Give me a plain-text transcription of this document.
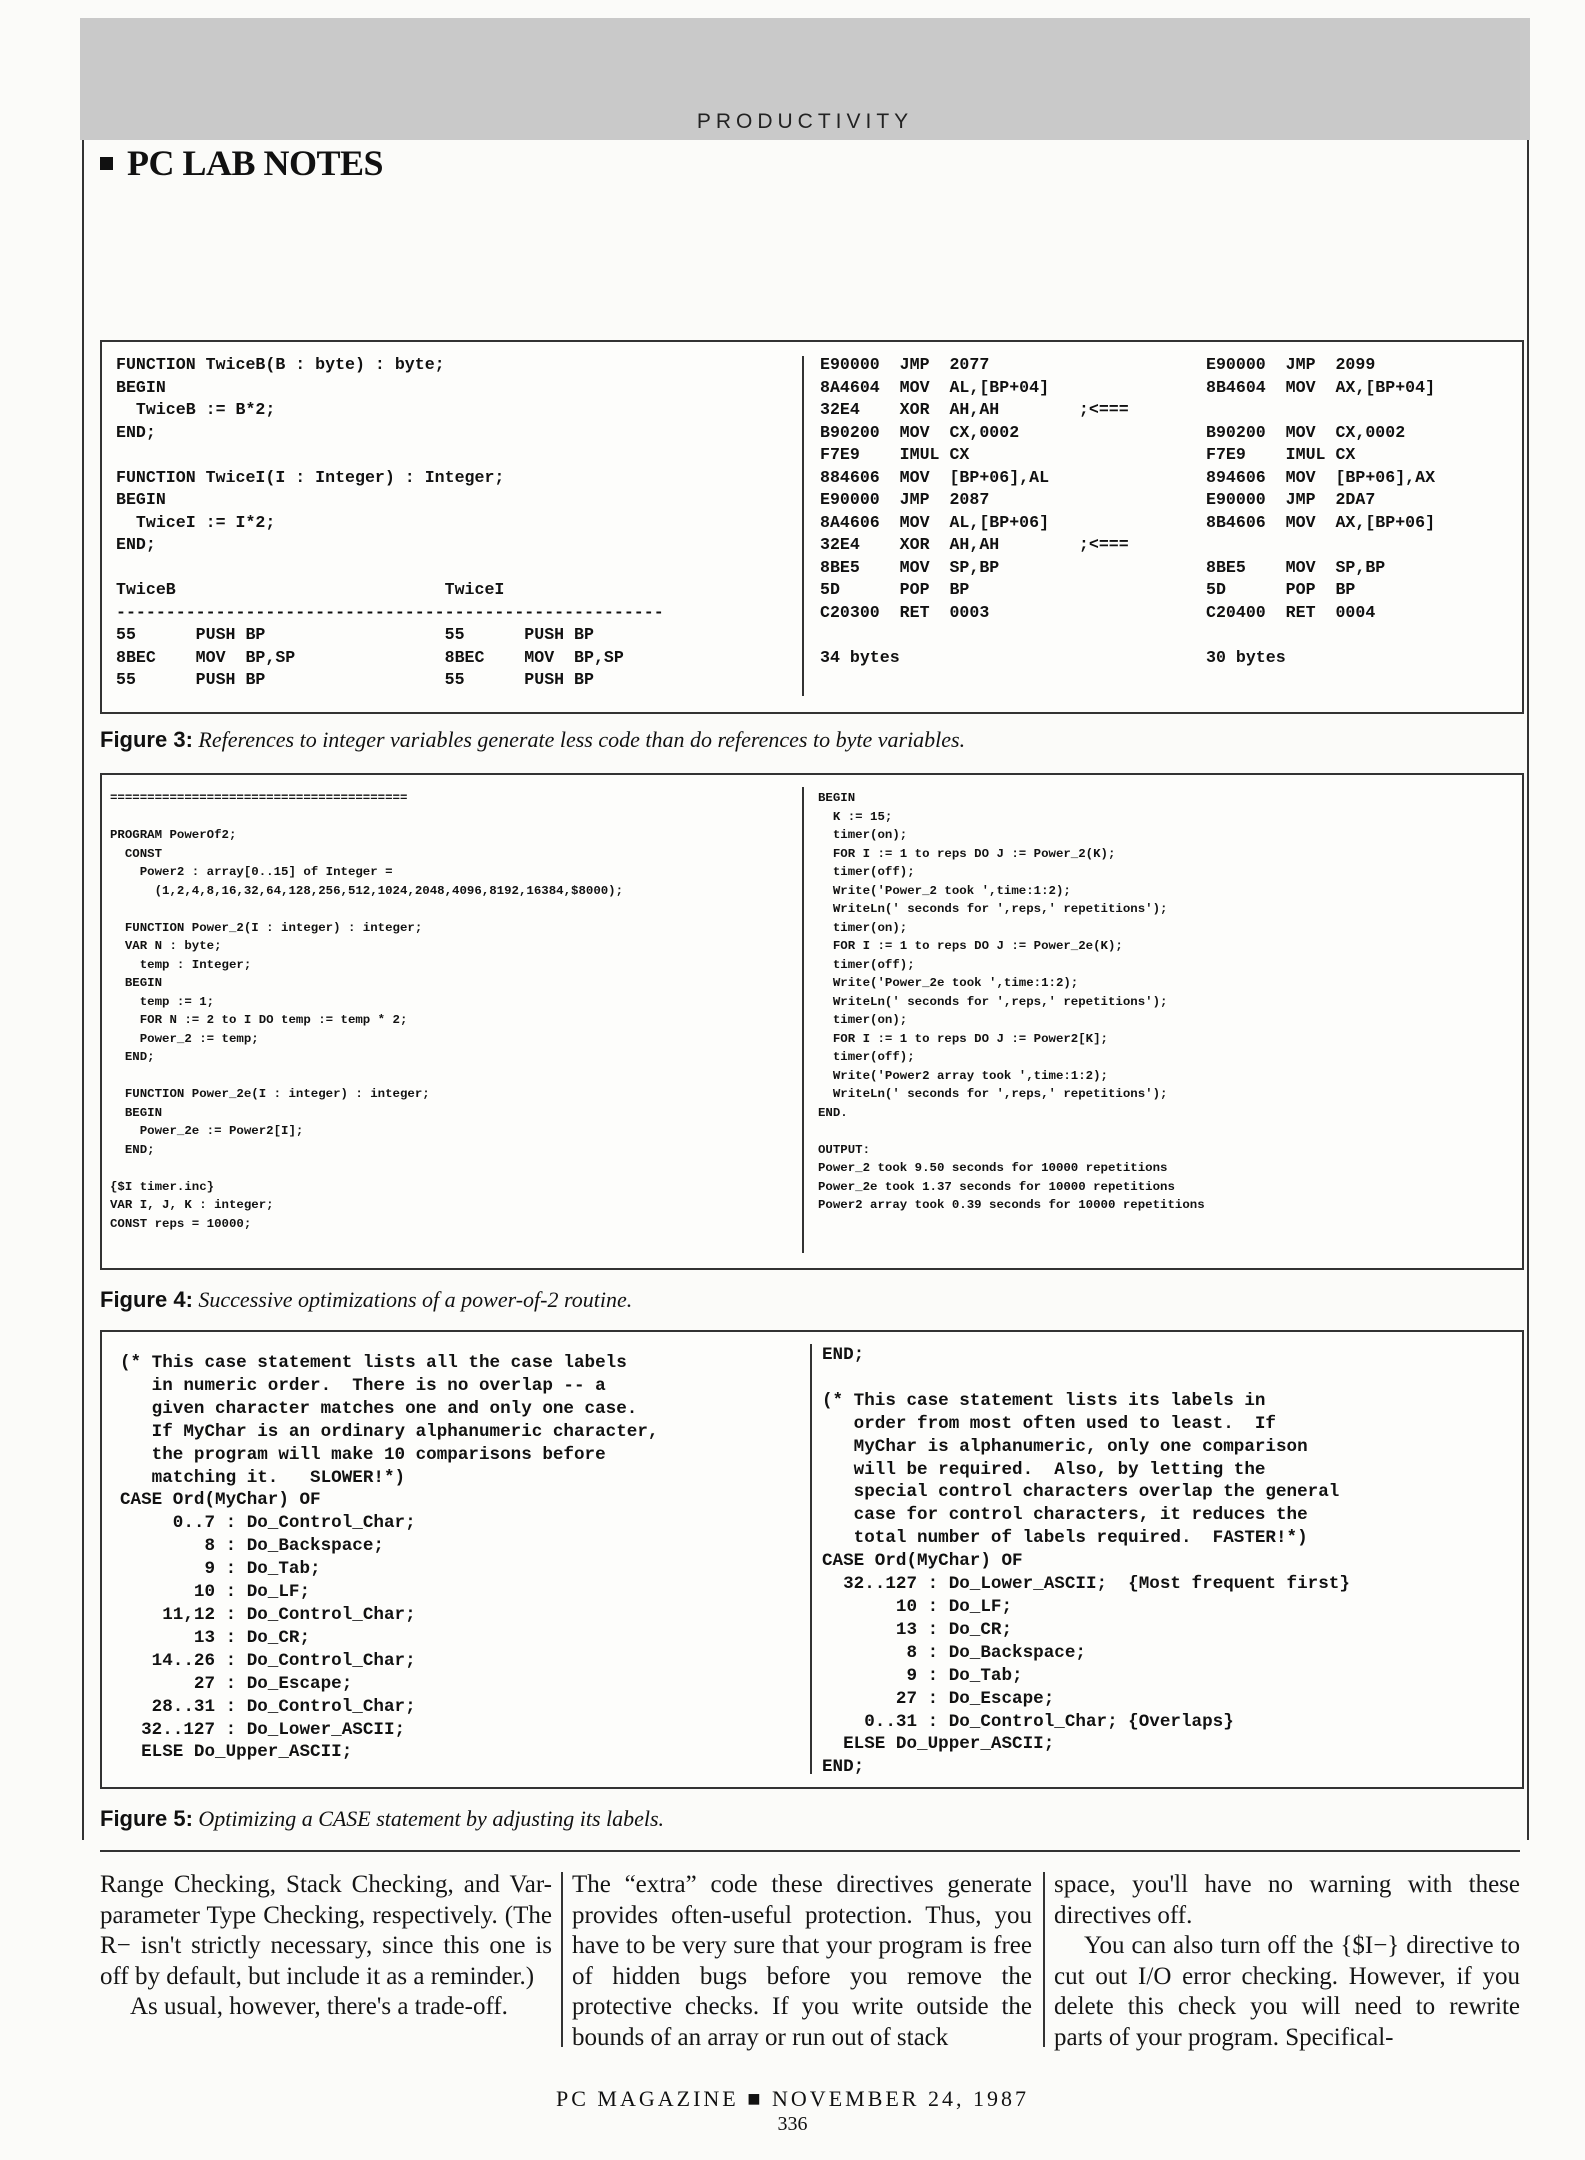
PRODUCTIVITY
PC LAB NOTES
FUNCTION TwiceB(B : byte) : byte;
BEGIN
TwiceB := B*2;
END;

FUNCTION TwiceI(I : Integer) : Integer;
BEGIN
TwiceI := I*2;
END;

TwiceB                           TwiceI
-------------------------------------------------------
55      PUSH BP                  55      PUSH BP
8BEC    MOV  BP,SP               8BEC    MOV  BP,SP
55      PUSH BP                  55      PUSH BP
E90000  JMP  2077
8A4604  MOV  AL,[BP+04]
32E4    XOR  AH,AH        ;<===
B90200  MOV  CX,0002
F7E9    IMUL CX
884606  MOV  [BP+06],AL
E90000  JMP  2087
8A4606  MOV  AL,[BP+06]
32E4    XOR  AH,AH        ;<===
8BE5    MOV  SP,BP
5D      POP  BP
C20300  RET  0003

34 bytes
E90000  JMP  2099
8B4604  MOV  AX,[BP+04]

B90200  MOV  CX,0002
F7E9    IMUL CX
894606  MOV  [BP+06],AX
E90000  JMP  2DA7
8B4606  MOV  AX,[BP+06]

8BE5    MOV  SP,BP
5D      POP  BP
C20400  RET  0004

30 bytes
Figure 3: References to integer variables generate less code than do references to byte variables.
========================================

PROGRAM PowerOf2;
CONST
Power2 : array[0..15] of Integer =
(1,2,4,8,16,32,64,128,256,512,1024,2048,4096,8192,16384,$8000);

FUNCTION Power_2(I : integer) : integer;
VAR N : byte;
temp : Integer;
BEGIN
temp := 1;
FOR N := 2 to I DO temp := temp * 2;
Power_2 := temp;
END;

FUNCTION Power_2e(I : integer) : integer;
BEGIN
Power_2e := Power2[I];
END;

{$I timer.inc}
VAR I, J, K : integer;
CONST reps = 10000;
BEGIN
K := 15;
timer(on);
FOR I := 1 to reps DO J := Power_2(K);
timer(off);
Write('Power_2 took ',time:1:2);
WriteLn(' seconds for ',reps,' repetitions');
timer(on);
FOR I := 1 to reps DO J := Power_2e(K);
timer(off);
Write('Power_2e took ',time:1:2);
WriteLn(' seconds for ',reps,' repetitions');
timer(on);
FOR I := 1 to reps DO J := Power2[K];
timer(off);
Write('Power2 array took ',time:1:2);
WriteLn(' seconds for ',reps,' repetitions');
END.

OUTPUT:
Power_2 took 9.50 seconds for 10000 repetitions
Power_2e took 1.37 seconds for 10000 repetitions
Power2 array took 0.39 seconds for 10000 repetitions
Figure 4: Successive optimizations of a power-of-2 routine.
(* This case statement lists all the case labels
in numeric order.  There is no overlap -- a
given character matches one and only one case.
If MyChar is an ordinary alphanumeric character,
the program will make 10 comparisons before
matching it.   SLOWER!*)
CASE Ord(MyChar) OF
0..7 : Do_Control_Char;
8 : Do_Backspace;
9 : Do_Tab;
10 : Do_LF;
11,12 : Do_Control_Char;
13 : Do_CR;
14..26 : Do_Control_Char;
27 : Do_Escape;
28..31 : Do_Control_Char;
32..127 : Do_Lower_ASCII;
ELSE Do_Upper_ASCII;
END;

(* This case statement lists its labels in
order from most often used to least.  If
MyChar is alphanumeric, only one comparison
will be required.  Also, by letting the
special control characters overlap the general
case for control characters, it reduces the
total number of labels required.  FASTER!*)
CASE Ord(MyChar) OF
32..127 : Do_Lower_ASCII;  {Most frequent first}
10 : Do_LF;
13 : Do_CR;
8 : Do_Backspace;
9 : Do_Tab;
27 : Do_Escape;
0..31 : Do_Control_Char; {Overlaps}
ELSE Do_Upper_ASCII;
END;
Figure 5: Optimizing a CASE statement by adjusting its labels.

Range Checking, Stack Checking, and Var-parameter Type Checking, respectively. (The R− isn't strictly necessary, since this one is off by default, but include it as a reminder.)

As usual, however, there's a trade-off.

The “extra” code these directives generate provides often-useful protection. Thus, you have to be very sure that your program is free of hidden bugs before you remove the protective checks. If you write outside the bounds of an array or run out of stack

space, you'll have no warning with these directives off.

You can also turn off the {$I−} directive to cut out I/O error checking. However, if you delete this check you will need to rewrite parts of your program. Specifical-

PC MAGAZINE ■ NOVEMBER 24, 1987
336
